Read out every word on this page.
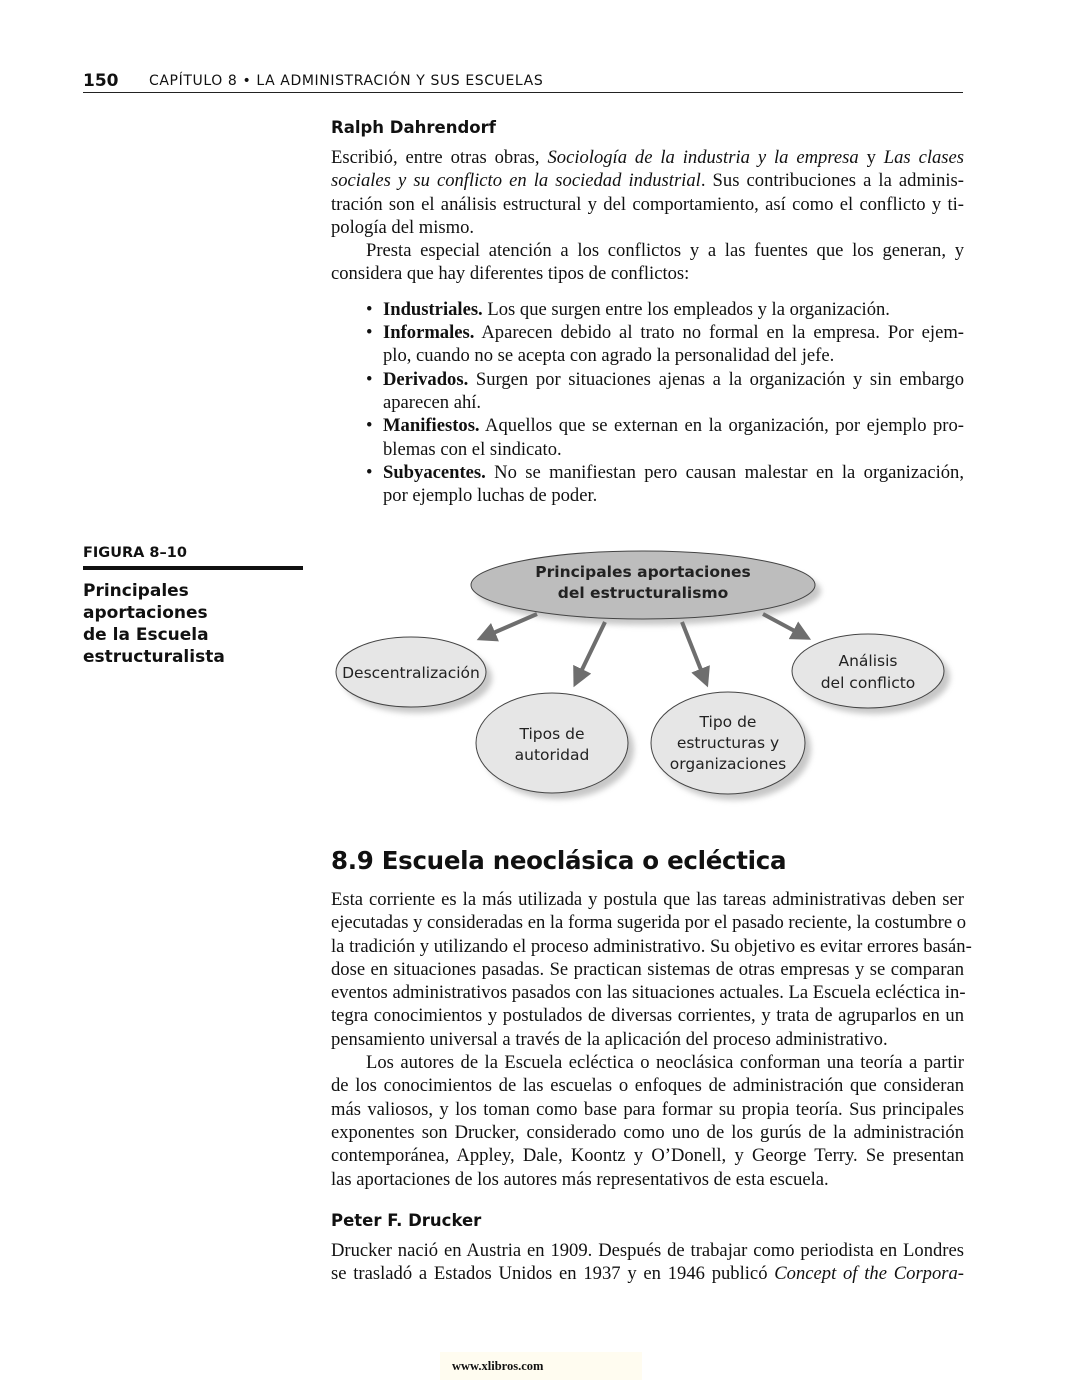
150 CAPÍTULO 8 • LA ADMINISTRACIÓN Y SUS ESCUELAS
Ralph Dahrendorf
Escribió, entre otras obras, Sociología de la industria y la empresa y Las clases
sociales y su conflicto en la sociedad industrial. Sus contribuciones a la adminis-
tración son el análisis estructural y del comportamiento, así como el conflicto y ti-
pología del mismo.
Presta especial atención a los conflictos y a las fuentes que los generan, y
considera que hay diferentes tipos de conflictos:
• Industriales. Los que surgen entre los empleados y la organización.
• Informales. Aparecen debido al trato no formal en la empresa. Por ejem-
plo, cuando no se acepta con agrado la personalidad del jefe.
• Derivados. Surgen por situaciones ajenas a la organización y sin embargo
aparecen ahí.
• Manifiestos. Aquellos que se externan en la organización, por ejemplo pro-
blemas con el sindicato.
• Subyacentes. No se manifiestan pero causan malestar en la organización,
por ejemplo luchas de poder.
FIGURA 8–10
Principales aportaciones
de la Escuela
estructuralista
Principales aportaciones del estructuralismo
Descentralización
Tipos de autoridad
Tipo de estructuras y organizaciones
Análisis del conflicto
8.9 Escuela neoclásica o ecléctica
Esta corriente es la más utilizada y postula que las tareas administrativas deben ser
ejecutadas y consideradas en la forma sugerida por el pasado reciente, la costumbre o
la tradición y utilizando el proceso administrativo. Su objetivo es evitar errores basán-
dose en situaciones pasadas. Se practican sistemas de otras empresas y se comparan
eventos administrativos pasados con las situaciones actuales. La Escuela ecléctica in-
tegra conocimientos y postulados de diversas corrientes, y trata de agruparlos en un
pensamiento universal a través de la aplicación del proceso administrativo.
Los autores de la Escuela ecléctica o neoclásica conforman una teoría a partir
de los conocimientos de las escuelas o enfoques de administración que consideran
más valiosos, y los toman como base para formar su propia teoría. Sus principales
exponentes son Drucker, considerado como uno de los gurús de la administración
contemporánea, Appley, Dale, Koontz y O’Donell, y George Terry. Se presentan
las aportaciones de los autores más representativos de esta escuela.
Peter F. Drucker
Drucker nació en Austria en 1909. Después de trabajar como periodista en Londres
se trasladó a Estados Unidos en 1937 y en 1946 publicó Concept of the Corpora-
www.xlibros.com
